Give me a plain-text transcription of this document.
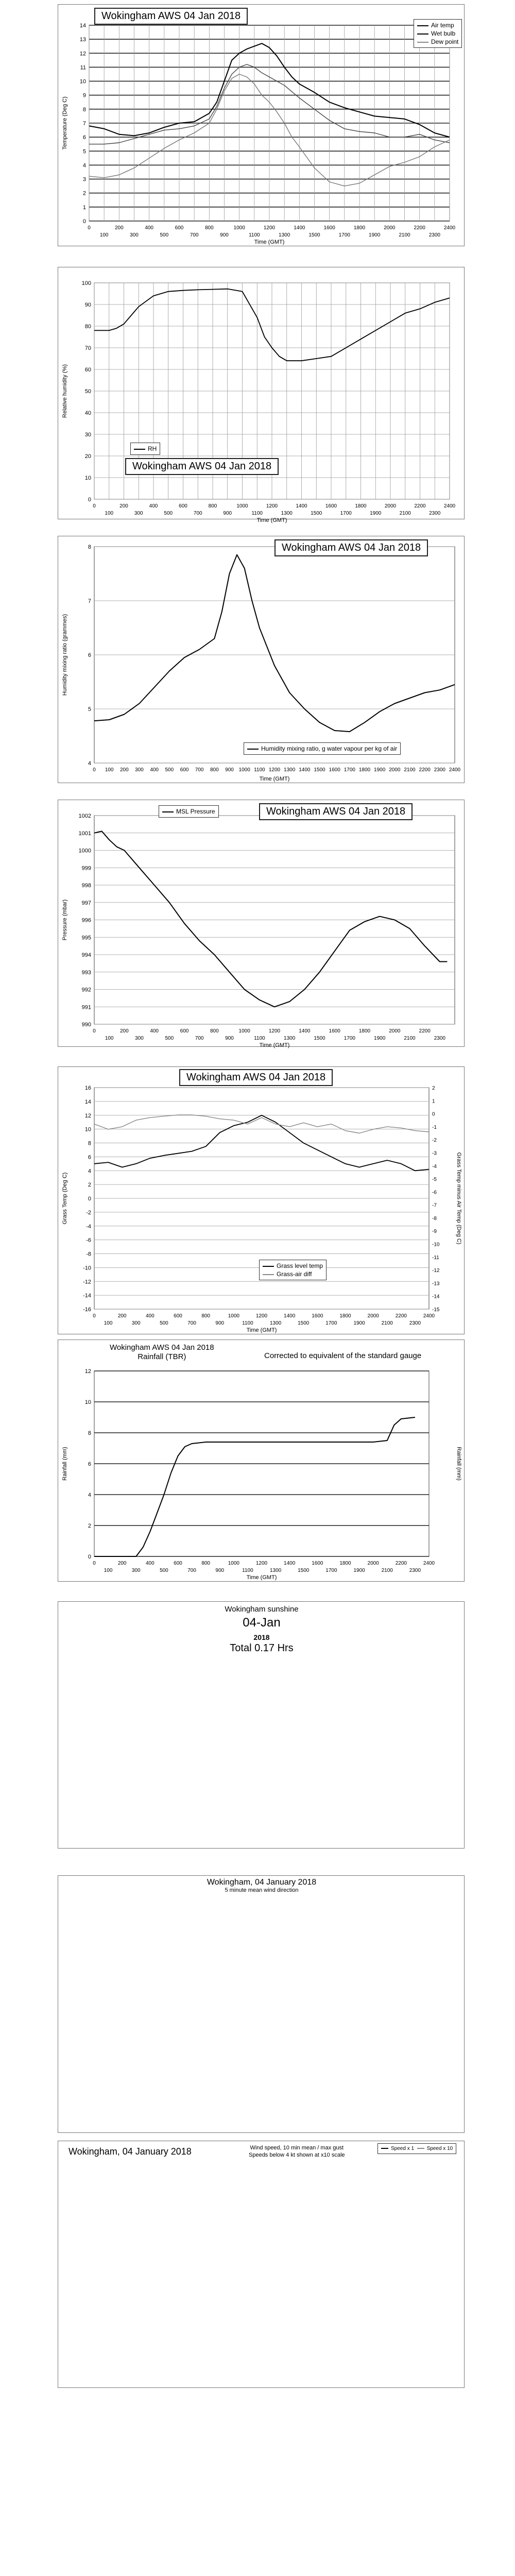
0
1
2
3
4
5
6
7
8
9
10
11
12
13
14
0
100
200
300
400
500
600
700
800
900
1000
1100
1200
1300
1400
1500
1600
1700
1800
1900
2000
2100
2200
2300
2400
Time (GMT)
Temperature (Deg C)
Wokingham AWS 04 Jan 2018
Air temp
Wet bulb
Dew point
0
10
20
30
40
50
60
70
80
90
100
0
100
200
300
400
500
600
700
800
900
1000
1100
1200
1300
1400
1500
1600
1700
1800
1900
2000
2100
2200
2300
2400
Time (GMT)
Relative humidity (%)
RH
Wokingham AWS 04 Jan 2018
4
5
6
7
8
0 100 200 300 400 500 600 700 800 900 1000 1100 1200 1300 1400 1500 1600 1700 1800 1900 2000 2100 2200 2300 2400
Time (GMT)
Humidity mixing ratio (grammes)
Wokingham AWS 04 Jan 2018
Humidity mixing ratio, g water vapour per kg of air
990
991
992
993
994
995
996
997
998
999
1000
1001
1002
0
100
200
300
400
500
600
700
800
900
1000
1100
1200
1300
1400
1500
1600
1700
1800
1900
2000
2100
2200
2300
Time (GMT)
Pressure (mbar)
MSL Pressure	Wokingham AWS 04 Jan 2018
-16
-14
-12
-10
-8
-6
-4
-2
0
2
4
6
8
10
12
14
16
0
100
200
300
400
500
600
700
800
900
1000
1100
1200
1300
1400
1500
1600
1700
1800
1900
2000
2100
2200
2300
2400
Time (GMT)
Grass Temp (Deg C)
-15
-14
-13
-12
-11
-10
-9
-8
-7
-6
-5
-4
-3
-2
-1
0
1
2
Grass Temp minus Air Temp (Deg C)
Wokingham AWS 04 Jan 2018
Grass level temp
Grass-air diff
0
2
4
6
8
10
12
0
100
200
300
400
500
600
700
800
900
1000
1100
1200
1300
1400
1500
1600
1700
1800
1900
2000
2100
2200
2300
2400
Time (GMT)
Rainfall (mm)	Rainfall (mm)
Wokingham AWS 04 Jan 2018
Rainfall (TBR)	Corrected to equivalent of the standard gauge
Wokingham sunshine
04-Jan
2018
Total 0.17 Hrs
Wokingham, 04 January 2018
5 minute mean wind direction
Wokingham, 04 January 2018	Wind speed, 10 min mean / max gust
Speeds below 4 kt shown at x10 scale
Speed x 1 Speed x 10
